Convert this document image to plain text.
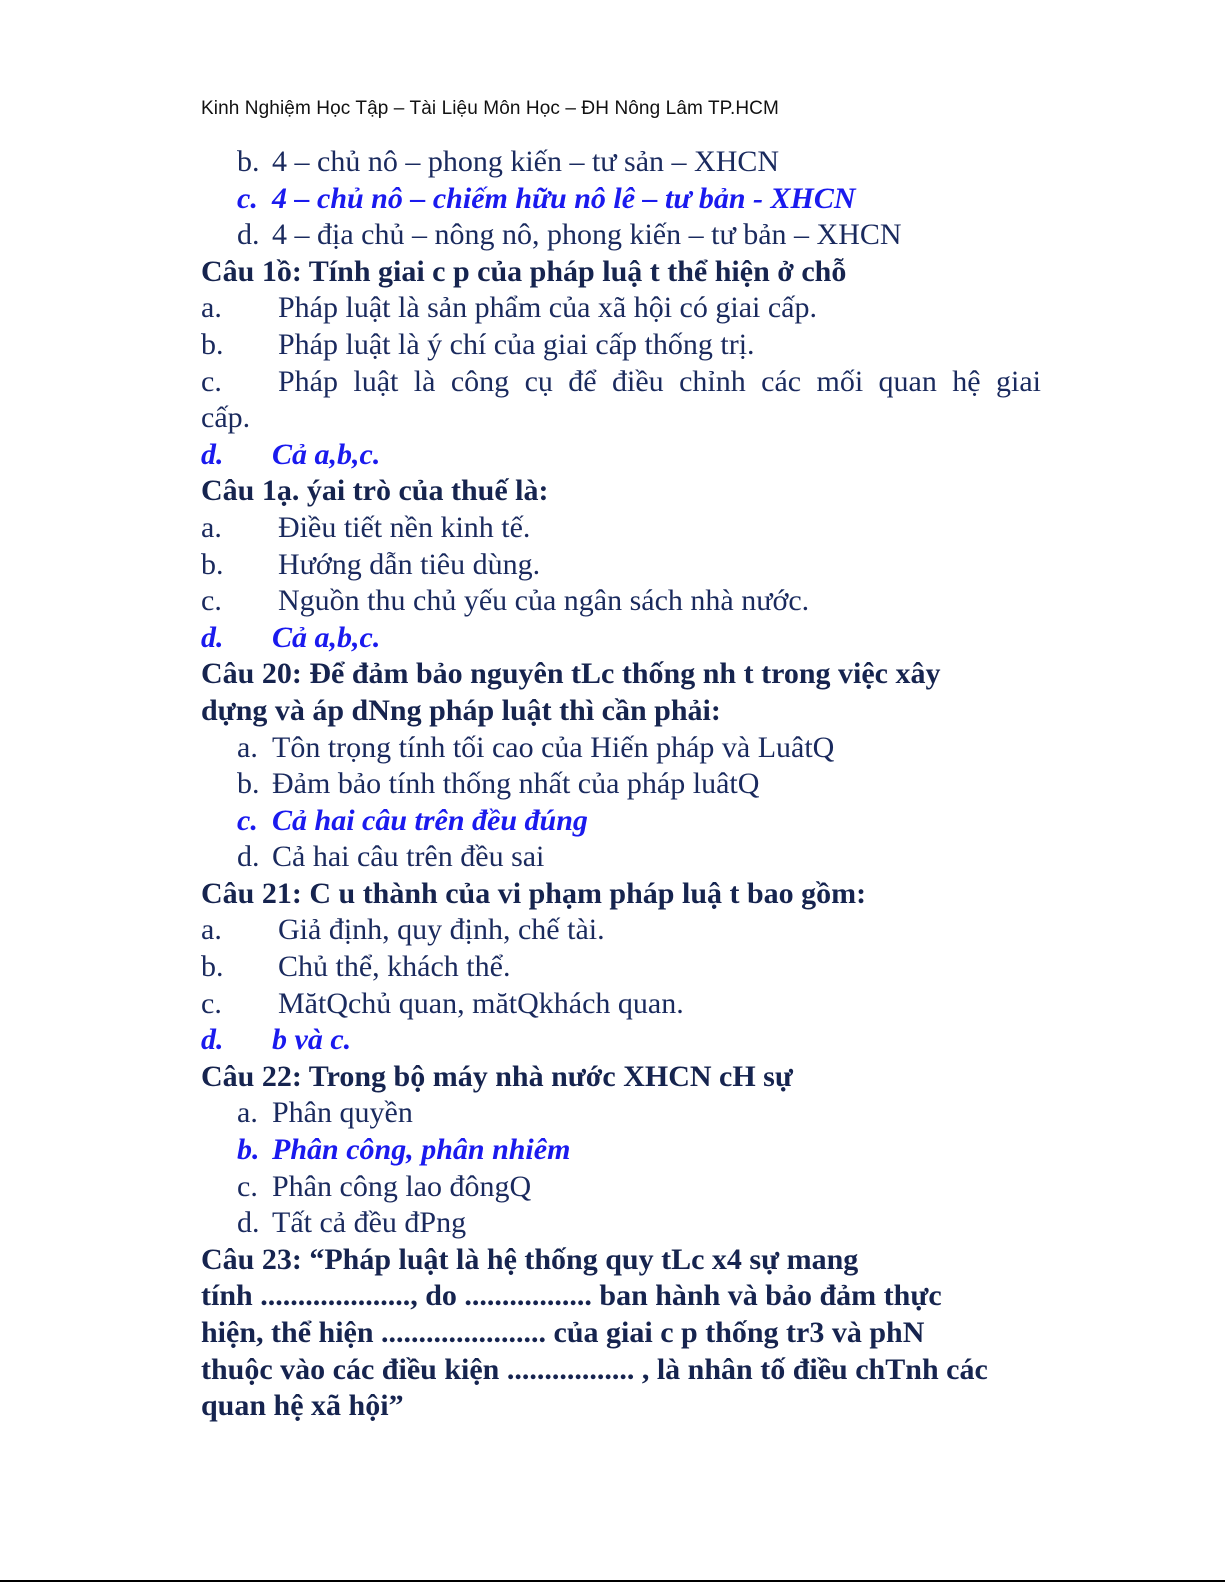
Kinh Nghiệm Học Tập – Tài Liệu Môn Học – ĐH Nông Lâm TP.HCM
b. 4 – chủ nô – phong kiến – tư sản – XHCN
c. 4 – chủ nô – chiếm hữu nô lê – tư bản - XHCN
d. 4 – địa chủ – nông nô, phong kiến – tư bản – XHCN
Câu 1ồ: Tính giai c p của pháp luậ t thể hiện ở chỗ
a. Pháp luật là sản phẩm của xã hội có giai cấp.
b. Pháp luật là ý chí của giai cấp thống trị.
c.	Pháp luật là công cụ để điều chỉnh các mối quan hệ giai
cấp.
d. Cả a,b,c.
Câu 1ạ. ýai trò của thuế là:
a. Điều tiết nền kinh tế.
b. Hướng dẫn tiêu dùng.
c. Nguồn thu chủ yếu của ngân sách nhà nước.
d. Cả a,b,c.
Câu 20: Để đảm bảo nguyên tLc thống nh t trong việc xây
dựng và áp dNng pháp luật thì cần phải:
a. Tôn trọng tính tối cao của Hiến pháp và LuâtQ
b. Đảm bảo tính thống nhất của pháp luâtQ
c. Cả hai câu trên đều đúng
d. Cả hai câu trên đều sai
Câu 21: C u thành của vi phạm pháp luậ t bao gồm:
a. Giả định, quy định, chế tài.
b. Chủ thể, khách thể.
c. MătQchủ quan, mătQkhách quan.
d. b và c.
Câu 22: Trong bộ máy nhà nước XHCN cH sự
a. Phân quyền
b. Phân công, phân nhiêm
c. Phân công lao đôngQ
d. Tất cả đều đPng
Câu 23: “Pháp luật là hệ thống quy tLc x4 sự mang
tính ...................., do ................. ban hành và bảo đảm thực
hiện, thể hiện ...................... của giai c p thống tr3 và phN
thuộc vào các điều kiện ................. , là nhân tố điều chTnh các
quan hệ xã hội”
